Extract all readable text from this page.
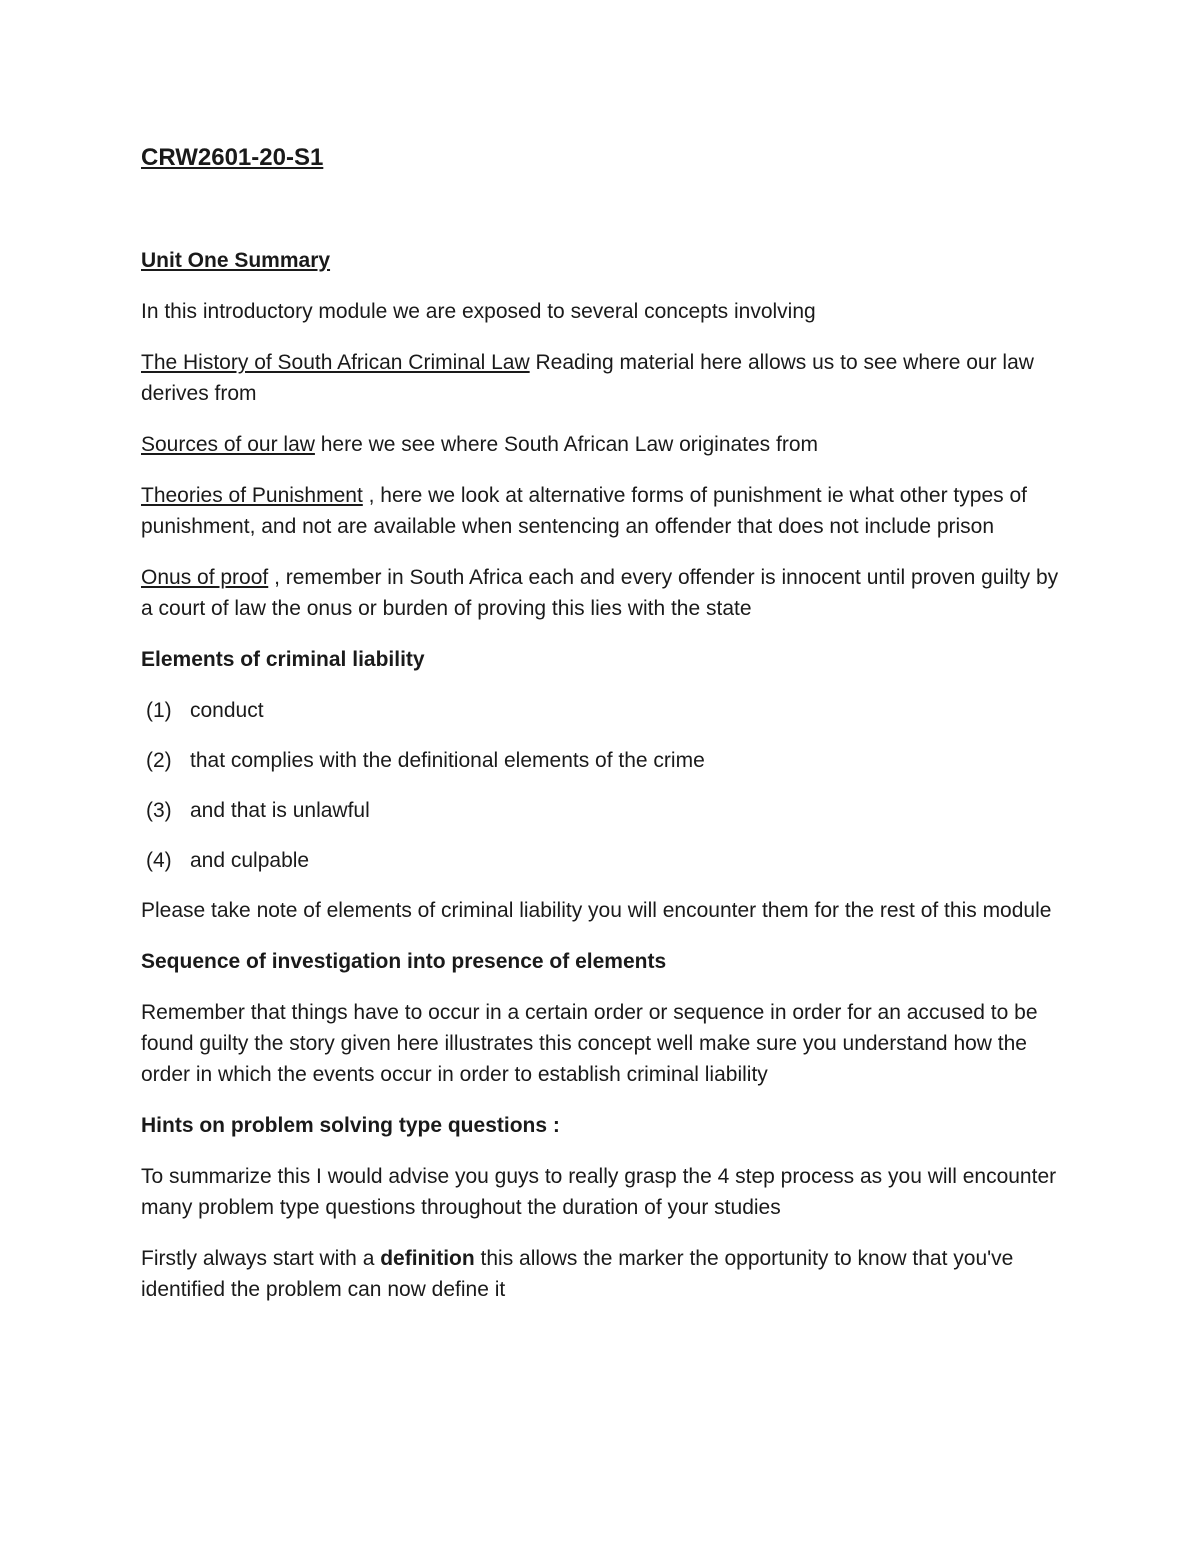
CRW2601-20-S1

Unit One Summary

In this introductory module we are exposed to several concepts involving

The History of South African Criminal Law Reading material here allows us to see where our law derives from

Sources of our law here we see where South African Law originates from

Theories of Punishment , here we look at alternative forms of punishment ie what other types of punishment, and not are available when sentencing an offender that does not include prison

Onus of proof , remember in South Africa each and every offender is innocent until proven guilty by a court of law the onus or burden of proving this lies with the state

Elements of criminal liability

(1) conduct
(2) that complies with the definitional elements of the crime
(3) and that is unlawful
(4) and culpable

Please take note of elements of criminal liability you will encounter them for the rest of this module

Sequence of investigation into presence of elements

Remember that things have to occur in a certain order or sequence in order for an accused to be found guilty the story given here illustrates this concept well make sure you understand how the order in which the events occur in order to establish criminal liability

Hints on problem solving type questions :

To summarize this I would advise you guys to really grasp the 4 step process as you will encounter many problem type questions throughout the duration of your studies

Firstly always start with a definition this allows the marker the opportunity to know that you've identified the problem can now define it
